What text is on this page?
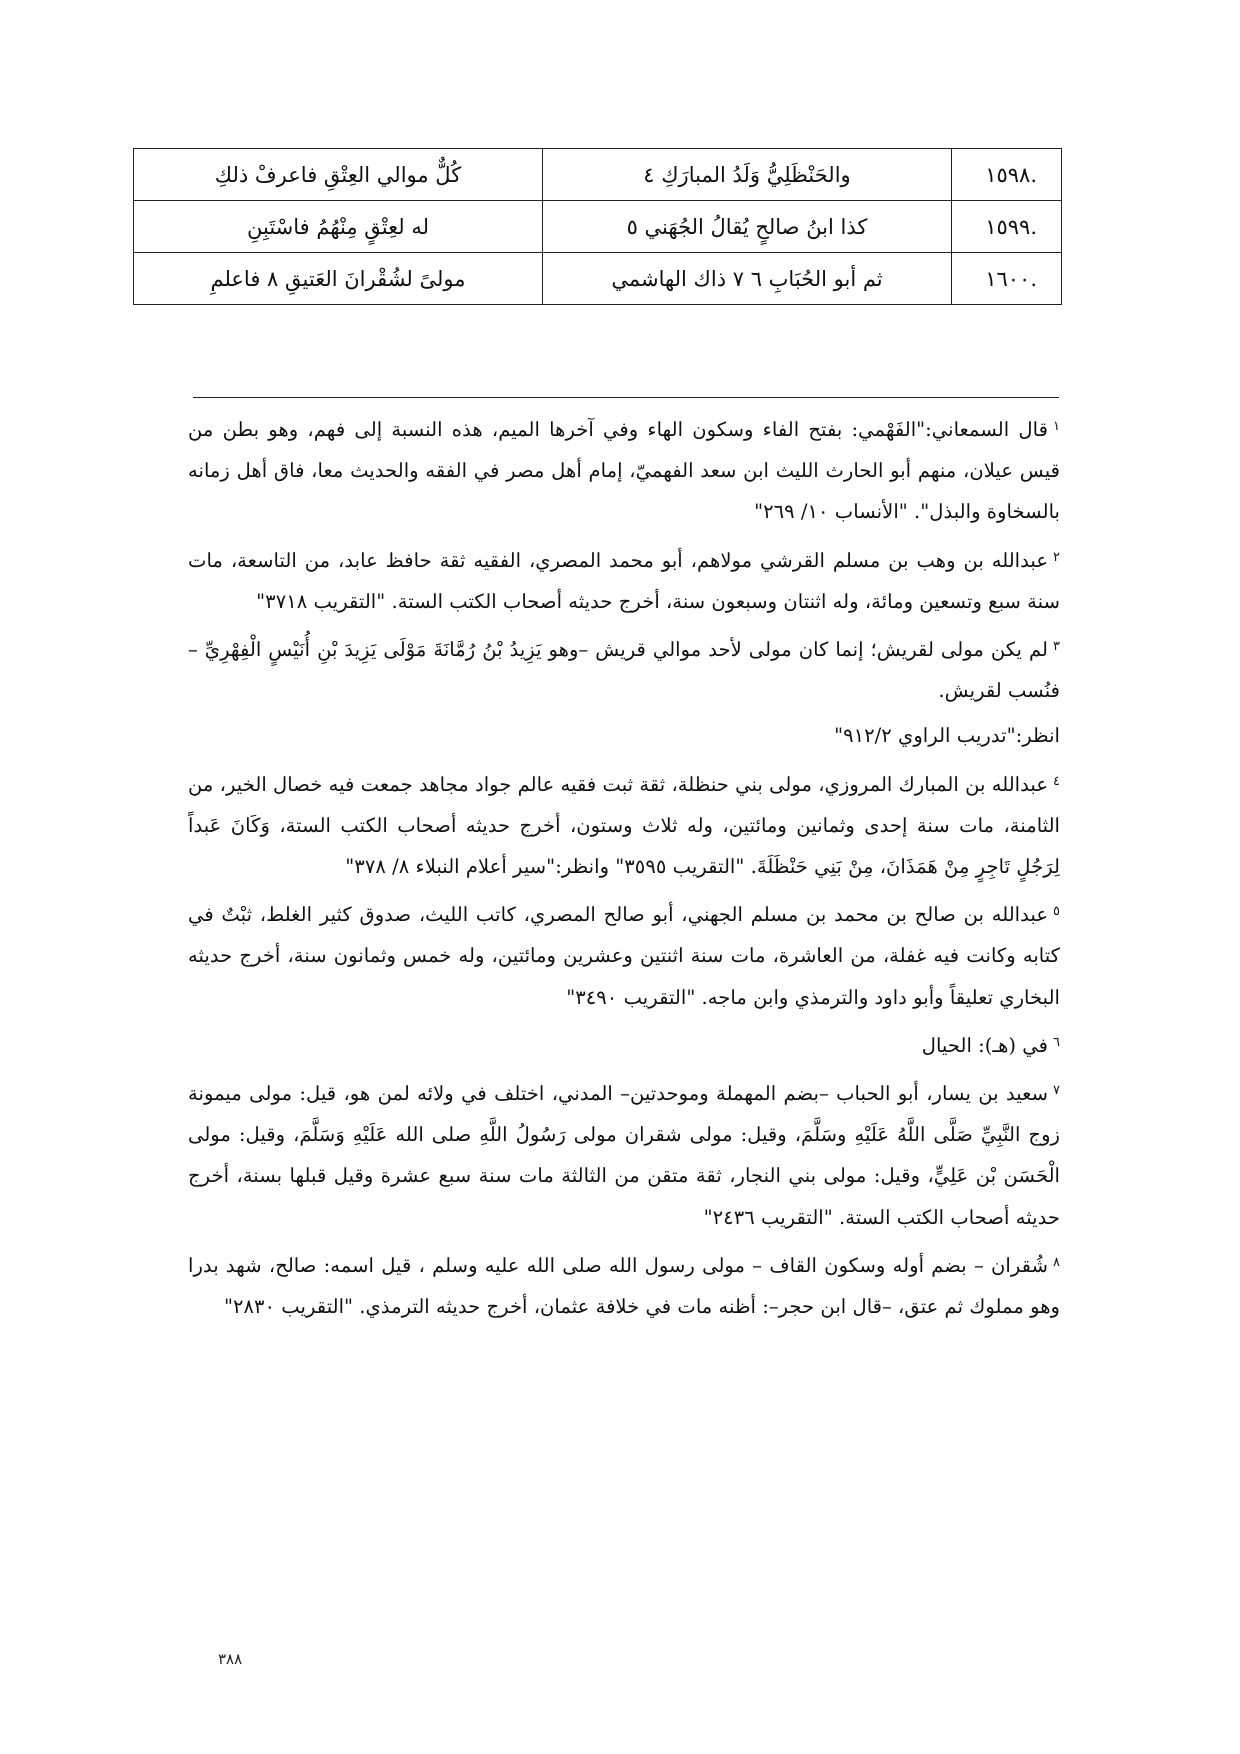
.١٥٩٨	والحَنْظَلِيُّ وَلَدُ المبارَكِ ٤	كُلٌّ موالي العِتْقِ فاعرفْ ذلكِ
.١٥٩٩	كذا ابنُ صالحٍ يُقالُ الجُهَني ٥	له لعِتْقٍ مِنْهُمُ فاسْتَبِنِ
.١٦٠٠	ثم أبو الحُبَابِ ٦ ٧ ذاك الهاشمي	مولىً لشُقْرانَ العَتيقِ ٨ فاعلمِ

$^١$قال السمعاني:"الفَهْمي: بفتح الفاء وسكون الهاء وفي آخرها الميم، هذه النسبة إلى فهم، وهو بطن من قيس عيلان، منهم أبو الحارث الليث ابن سعد الفهميّ، إمام أهل مصر في الفقه والحديث معا، فاق أهل زمانه بالسخاوة والبذل". "الأنساب ١٠/ ٢٦٩"

$^٢$عبدالله بن وهب بن مسلم القرشي مولاهم، أبو محمد المصري، الفقيه ثقة حافظ عابد، من التاسعة، مات سنة سبع وتسعين ومائة، وله اثنتان وسبعون سنة، أخرج حديثه أصحاب الكتب الستة. "التقريب ٣٧١٨"

$^٣$لم يكن مولى لقريش؛ إنما كان مولى لأحد موالي قريش –وهو يَزِيدُ بْنُ رُمَّانَةَ مَوْلَى يَزِيدَ بْنِ أُنَيْسٍ الْفِهْرِيِّ – فنُسب لقريش.

انظر:"تدريب الراوي ٩١٢/٢"

$^٤$عبدالله بن المبارك المروزي، مولى بني حنظلة، ثقة ثبت فقيه عالم جواد مجاهد جمعت فيه خصال الخير، من الثامنة، مات سنة إحدى وثمانين ومائتين، وله ثلاث وستون، أخرج حديثه أصحاب الكتب الستة، وَكَانَ عَبداً لِرَجُلٍ تَاجِرٍ مِنْ هَمَذَانَ، مِنْ بَنِي حَنْظَلَةَ. "التقريب ٣٥٩٥" وانظر:"سير أعلام النبلاء ٨/ ٣٧٨"

$^٥$عبدالله بن صالح بن محمد بن مسلم الجهني، أبو صالح المصري، كاتب الليث، صدوق كثير الغلط، ثبْتٌ في كتابه وكانت فيه غفلة، من العاشرة، مات سنة اثنتين وعشرين ومائتين، وله خمس وثمانون سنة، أخرج حديثه البخاري تعليقاً وأبو داود والترمذي وابن ماجه. "التقريب ٣٤٩٠"

$^٦$في (هـ): الحيال

$^٧$سعيد بن يسار، أبو الحباب –بضم المهملة وموحدتين– المدني، اختلف في ولائه لمن هو، قيل: مولى ميمونة زوج النَّبِيِّ صَلَّى اللَّهُ عَلَيْهِ وسَلَّمَ، وقيل: مولى شقران مولى رَسُولُ اللَّهِ صلى الله عَلَيْهِ وَسَلَّمَ، وقيل: مولى الْحَسَن بْن عَلِيٍّ، وقيل: مولى بني النجار، ثقة متقن من الثالثة مات سنة سبع عشرة وقيل قبلها بسنة، أخرج حديثه أصحاب الكتب الستة. "التقريب ٢٤٣٦"

$^٨$شُقران – بضم أوله وسكون القاف – مولى رسول الله صلى الله عليه وسلم ، قيل اسمه: صالح، شهد بدرا وهو مملوك ثم عتق، –قال ابن حجر–: أظنه مات في خلافة عثمان، أخرج حديثه الترمذي. "التقريب ٢٨٣٠"

٣٨٨
